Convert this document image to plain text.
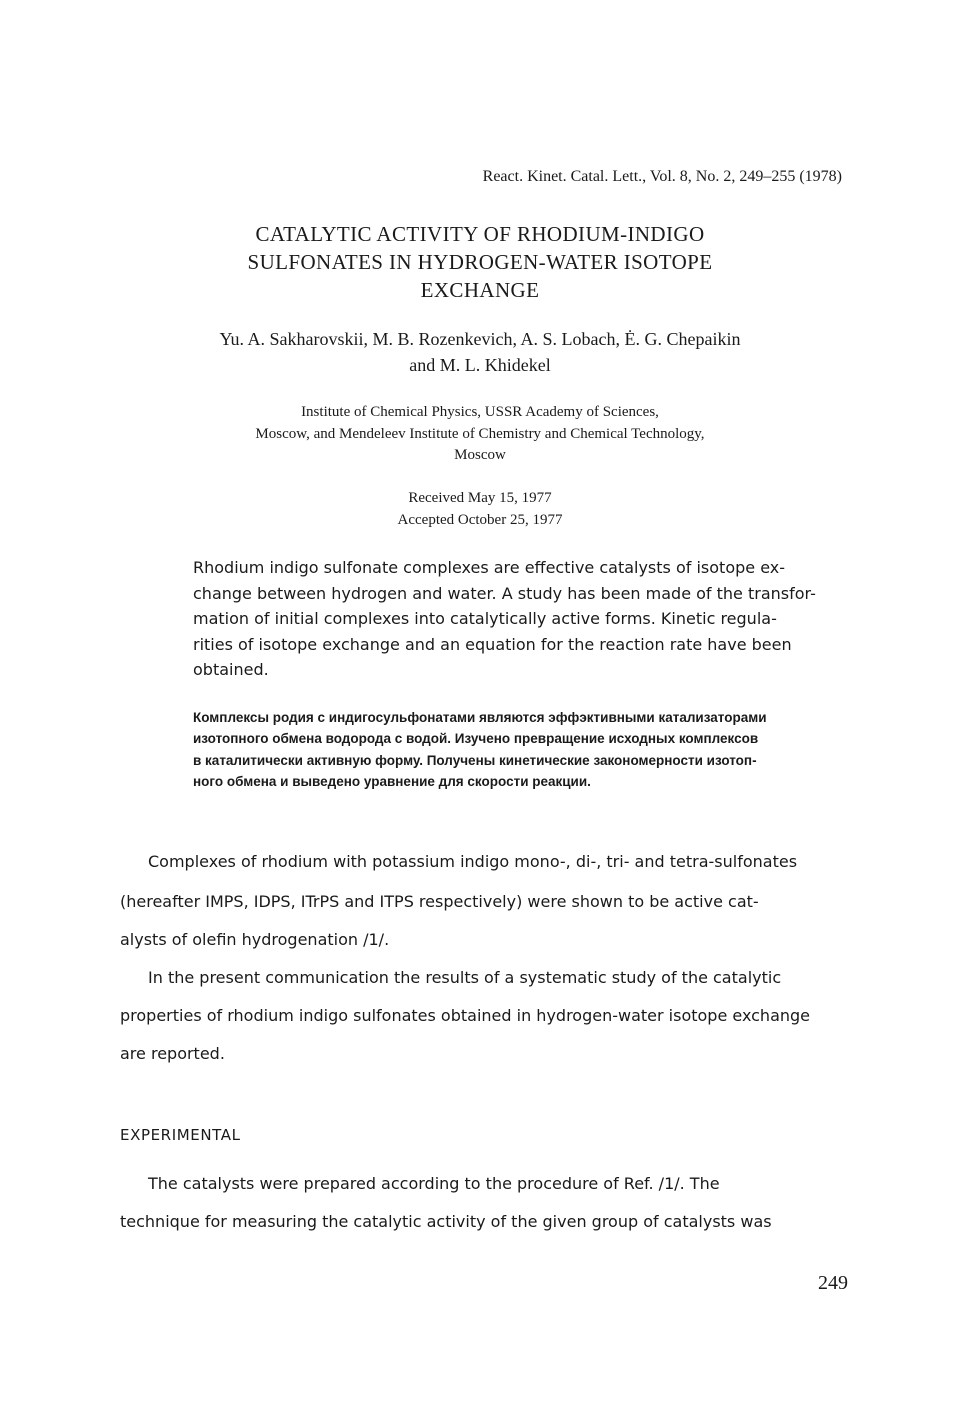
React. Kinet. Catal. Lett., Vol. 8, No. 2, 249–255 (1978)
CATALYTIC ACTIVITY OF RHODIUM-INDIGO
SULFONATES IN HYDROGEN-WATER ISOTOPE
EXCHANGE
Yu. A. Sakharovskii, M. B. Rozenkevich, A. S. Lobach, Ė. G. Chepaikin
and M. L. Khidekel
Institute of Chemical Physics, USSR Academy of Sciences,
Moscow, and Mendeleev Institute of Chemistry and Chemical Technology,
Moscow
Received May 15, 1977
Accepted October 25, 1977
Rhodium indigo sulfonate complexes are effective catalysts of isotope ex-
change between hydrogen and water. A study has been made of the transfor-
mation of initial complexes into catalytically active forms. Kinetic regula-
rities of isotope exchange and an equation for the reaction rate have been
obtained.
Комплексы родия с индигосульфонатами являются эффэктивными катализаторами
изотопного обмена водорода с водой. Изучено превращение исходных комплексов
в каталитически активную форму. Получены кинетические закономерности изотоп-
ного обмена и выведено уравнение для скорости реакции.
Complexes of rhodium with potassium indigo mono-, di-, tri- and tetra-sulfonates
(hereafter IMPS, IDPS, ITrPS and ITPS respectively) were shown to be active cat-
alysts of olefin hydrogenation /1/.
In the present communication the results of a systematic study of the catalytic
properties of rhodium indigo sulfonates obtained in hydrogen-water isotope exchange
are reported.
The catalysts were prepared according to the procedure of Ref. /1/. The
technique for measuring the catalytic activity of the given group of catalysts was
EXPERIMENTAL
249
